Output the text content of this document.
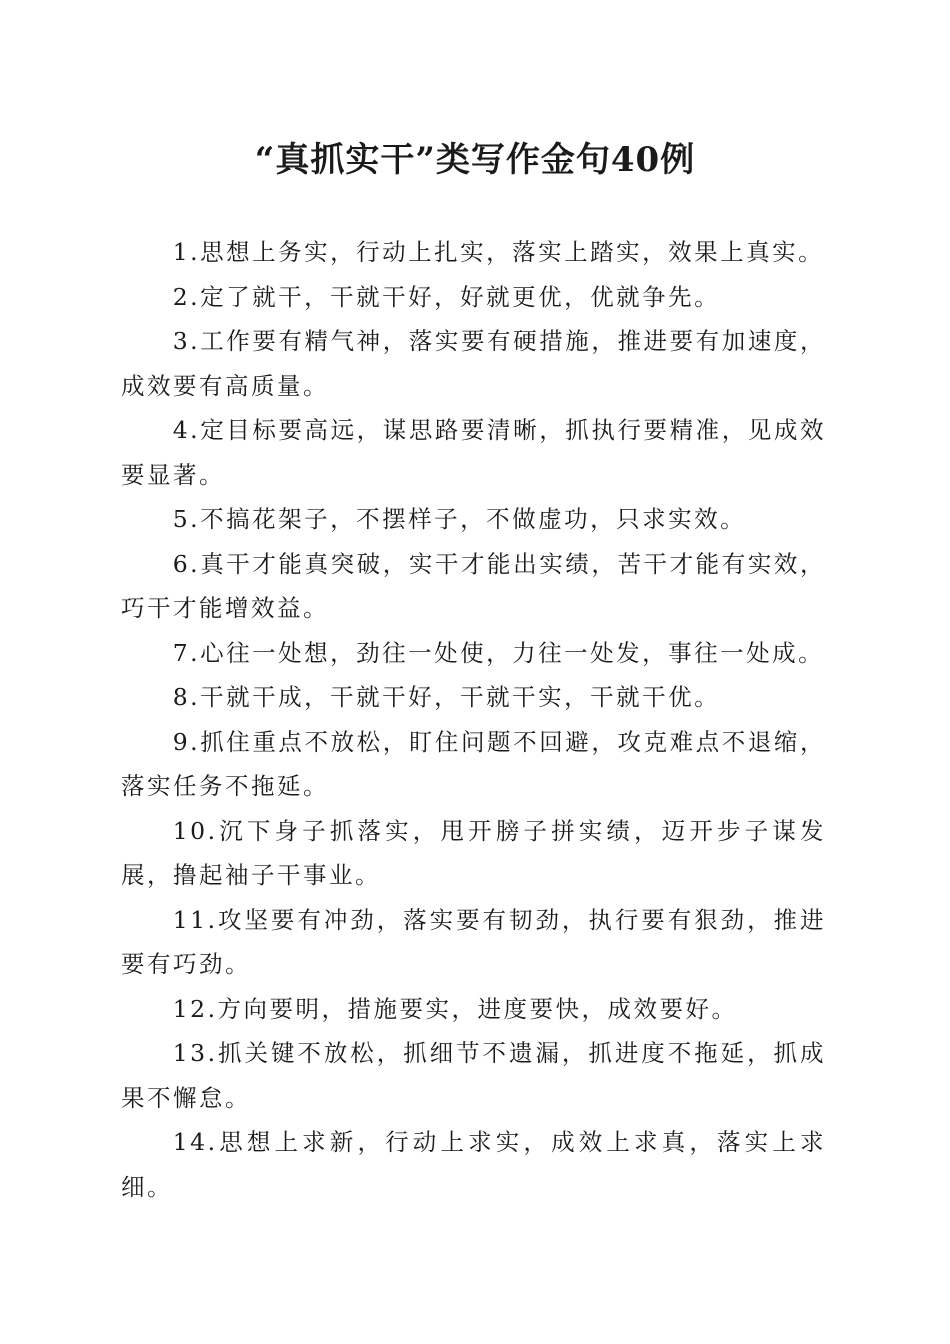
“真抓实干”类写作金句40例

1.思想上务实，行动上扎实，落实上踏实，效果上真实。

2.定了就干，干就干好，好就更优，优就争先。

3.工作要有精气神，落实要有硬措施，推进要有加速度，成效要有高质量。

4.定目标要高远，谋思路要清晰，抓执行要精准，见成效要显著。

5.不搞花架子，不摆样子，不做虚功，只求实效。

6.真干才能真突破，实干才能出实绩，苦干才能有实效，巧干才能增效益。

7.心往一处想，劲往一处使，力往一处发，事往一处成。

8.干就干成，干就干好，干就干实，干就干优。

9.抓住重点不放松，盯住问题不回避，攻克难点不退缩，落实任务不拖延。

10.沉下身子抓落实，甩开膀子拼实绩，迈开步子谋发展，撸起袖子干事业。

11.攻坚要有冲劲，落实要有韧劲，执行要有狠劲，推进要有巧劲。

12.方向要明，措施要实，进度要快，成效要好。

13.抓关键不放松，抓细节不遗漏，抓进度不拖延，抓成果不懈怠。

14.思想上求新，行动上求实，成效上求真，落实上求细。
